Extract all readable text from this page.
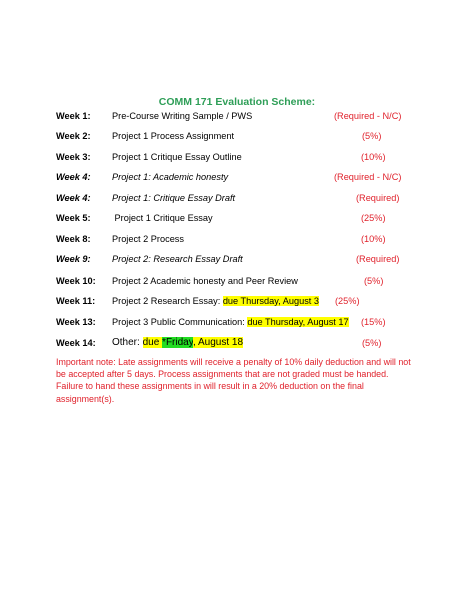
COMM 171 Evaluation Scheme:
Week 1: Pre-Course Writing Sample / PWS	(Required - N/C)
Week 2: Project 1 Process Assignment	(5%)
Week 3: Project 1 Critique Essay Outline	(10%)
Week 4: Project 1: Academic honesty	(Required - N/C)
Week 4: Project 1: Critique Essay Draft	(Required)
Week 5: Project 1 Critique Essay	(25%)
Week 8: Project 2 Process	(10%)
Week 9: Project 2: Research Essay Draft	(Required)
Week 10: Project 2 Academic honesty and Peer Review	(5%)
Week 11: Project 2 Research Essay: due Thursday, August 3 (25%)
Week 13: Project 3 Public Communication: due Thursday, August 17 (15%)
Week 14: Other: due *Friday, August 18	(5%)
Important note: Late assignments will receive a penalty of 10% daily deduction and will not be accepted after 5 days. Process assignments that are not graded must be handed. Failure to hand these assignments in will result in a 20% deduction on the final assignment(s).
